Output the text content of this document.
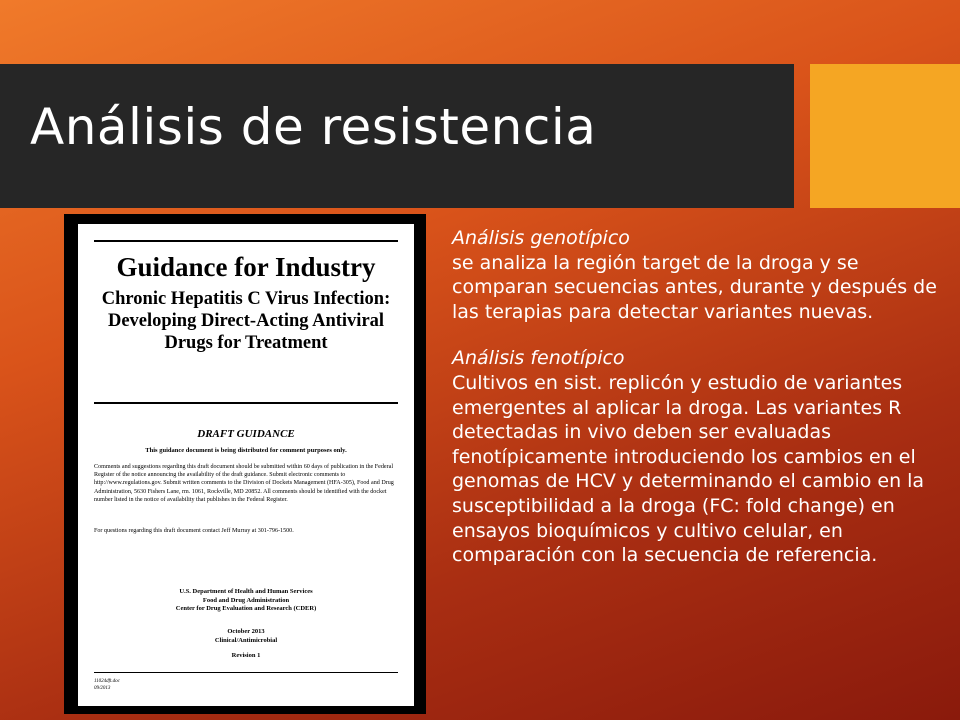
Análisis de resistencia
Guidance for Industry
Chronic Hepatitis C Virus Infection: Developing Direct-Acting Antiviral Drugs for Treatment
DRAFT GUIDANCE
This guidance document is being distributed for comment purposes only.
Comments and suggestions regarding this draft document should be submitted within 60 days of publication in the Federal Register of the notice announcing the availability of the draft guidance. Submit electronic comments to http://www.regulations.gov. Submit written comments to the Division of Dockets Management (HFA-305), Food and Drug Administration, 5630 Fishers Lane, rm. 1061, Rockville, MD 20852. All comments should be identified with the docket number listed in the notice of availability that publishes in the Federal Register.
For questions regarding this draft document contact Jeff Murray at 301-796-1500.
U.S. Department of Health and Human Services
Food and Drug Administration
Center for Drug Evaluation and Research (CDER)
October 2013
Clinical/Antimicrobial
Revision 1
11024dft.doc
09/2013
Análisis genotípico

se analiza la región target de la droga y se comparan secuencias antes, durante y después de las terapias para detectar variantes nuevas.

Análisis fenotípico

Cultivos en sist. replicón y estudio de variantes emergentes al aplicar la droga. Las variantes R detectadas in vivo deben ser evaluadas fenotípicamente introduciendo los cambios en el genomas de HCV y determinando el cambio en la susceptibilidad a la droga (FC: fold change) en ensayos bioquímicos y cultivo celular, en comparación con la secuencia de referencia.
